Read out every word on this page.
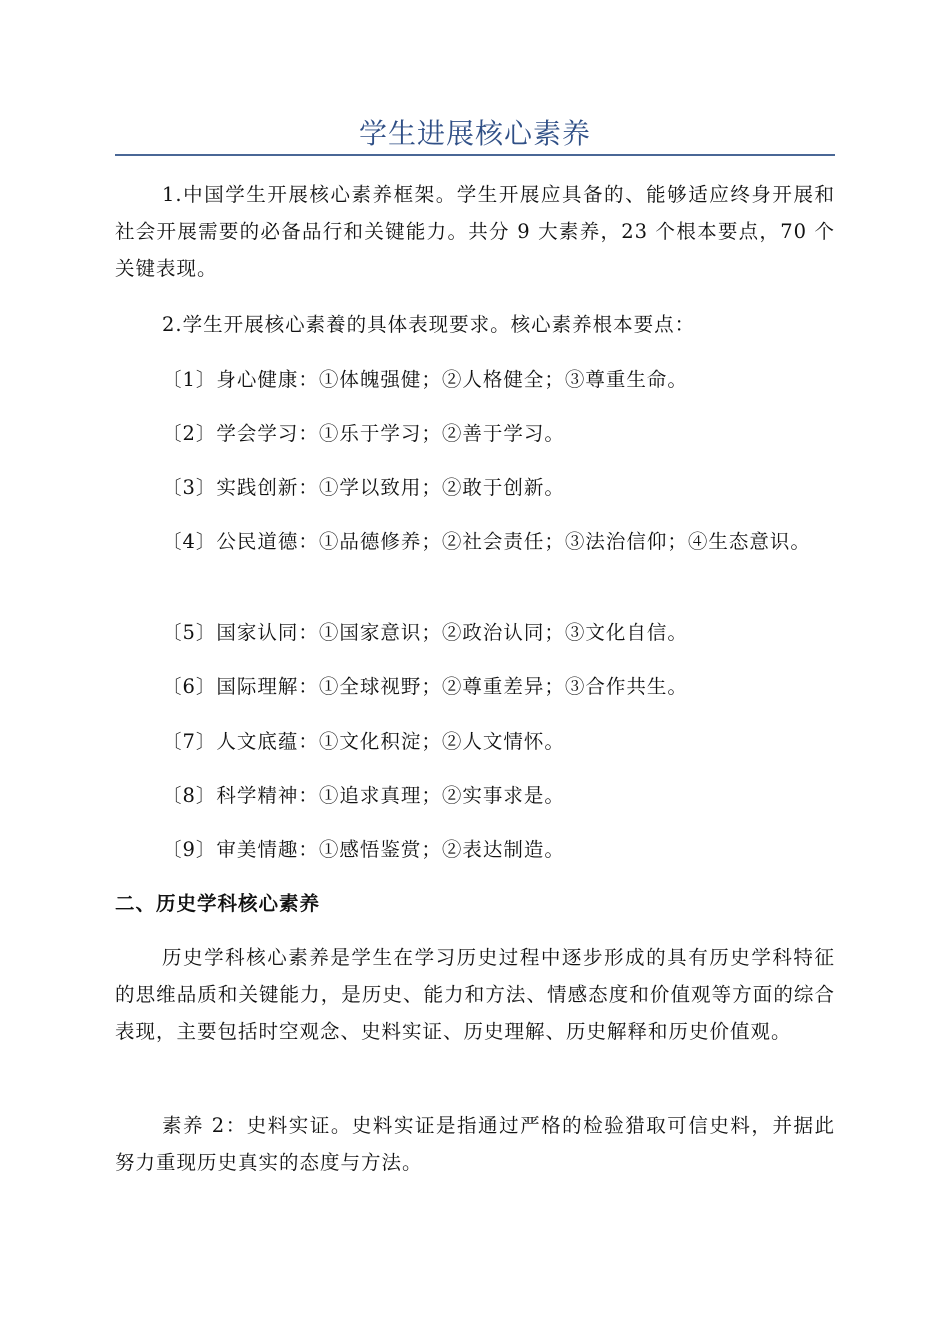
学生进展核心素养

1.中国学生开展核心素养框架。学生开展应具备的、能够适应终身开展和社会开展需要的必备品行和关键能力。共分 9 大素养，23 个根本要点，70 个关键表现。

2.学生开展核心素養的具体表现要求。核心素养根本要点：

〔1〕身心健康：①体魄强健；②人格健全；③尊重生命。

〔2〕学会学习：①乐于学习；②善于学习。

〔3〕实践创新：①学以致用；②敢于创新。

〔4〕公民道德：①品德修养；②社会责任；③法治信仰；④生态意识。

〔5〕国家认同：①国家意识；②政治认同；③文化自信。

〔6〕国际理解：①全球视野；②尊重差异；③合作共生。

〔7〕人文底蕴：①文化积淀；②人文情怀。

〔8〕科学精神：①追求真理；②实事求是。

〔9〕审美情趣：①感悟鉴赏；②表达制造。

二、历史学科核心素养

历史学科核心素养是学生在学习历史过程中逐步形成的具有历史学科特征的思维品质和关键能力，是历史、能力和方法、情感态度和价值观等方面的综合表现，主要包括时空观念、史料实证、历史理解、历史解释和历史价值观。

素养 2：史料实证。史料实证是指通过严格的检验猎取可信史料，并据此努力重现历史真实的态度与方法。
